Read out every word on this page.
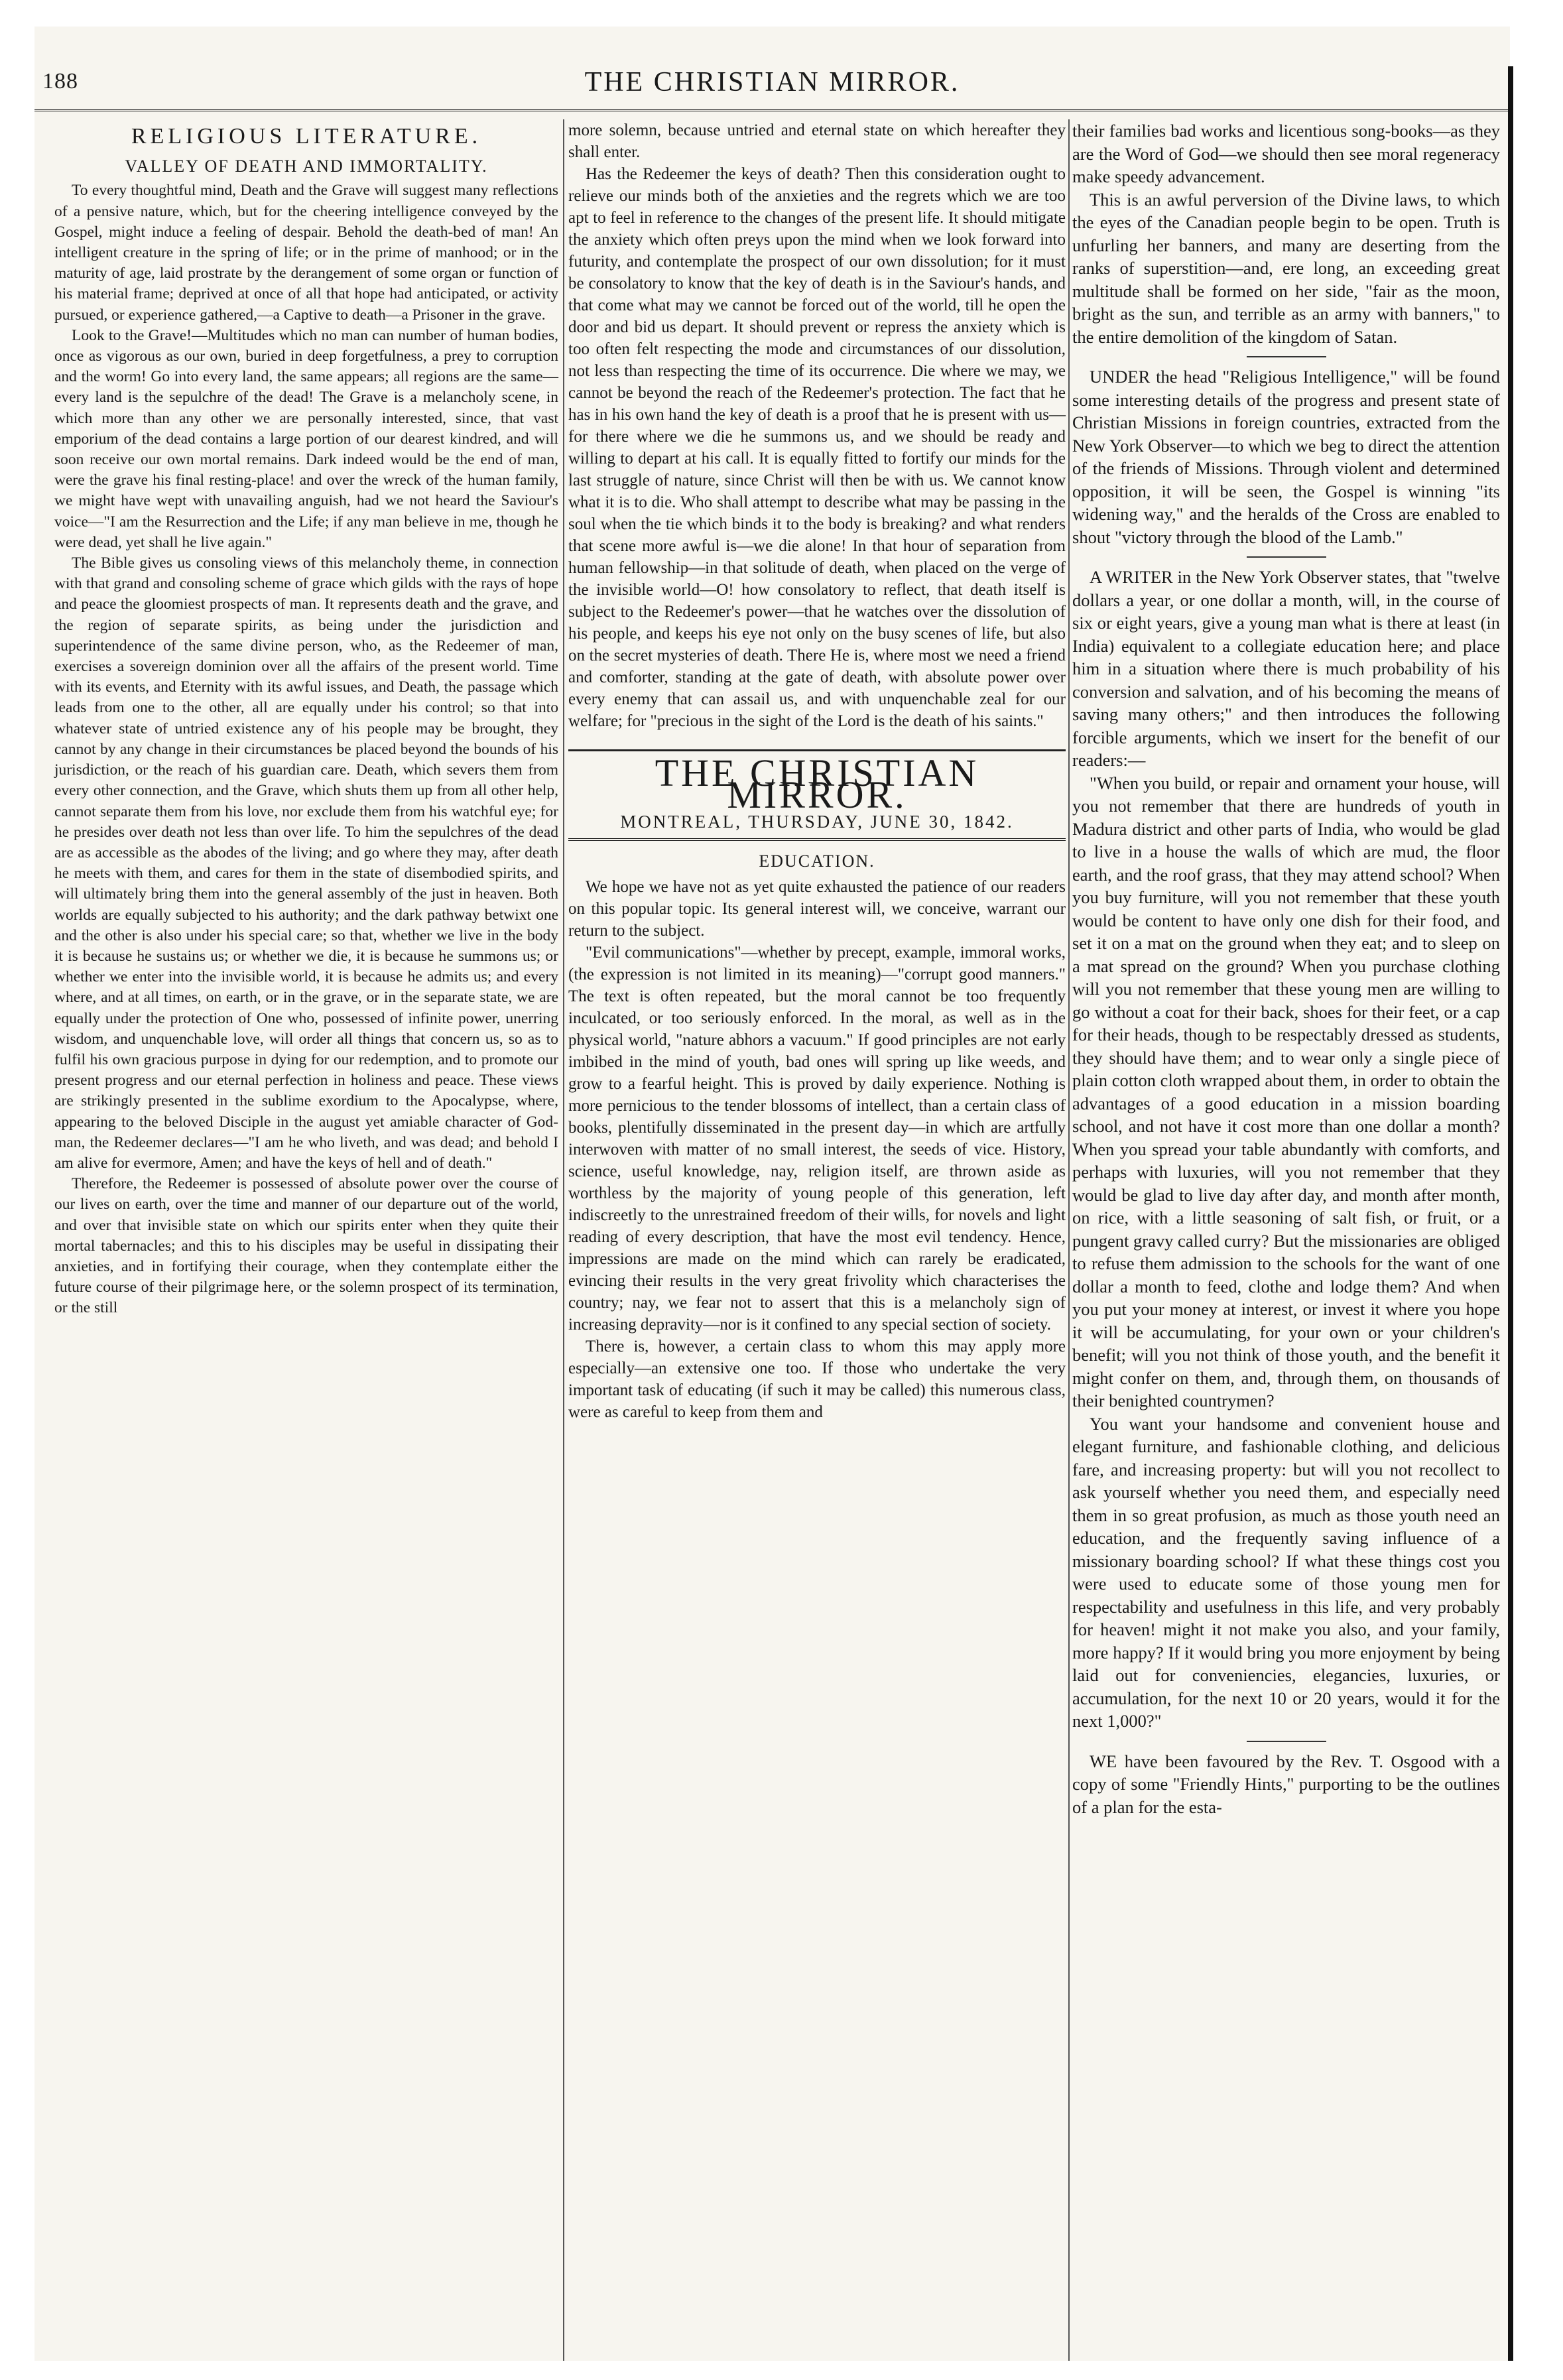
188	THE CHRISTIAN MIRROR.
RELIGIOUS LITERATURE.
VALLEY OF DEATH AND IMMORTALITY.

To every thoughtful mind, Death and the Grave will suggest many reflections of a pensive nature, which, but for the cheering intelligence conveyed by the Gospel, might induce a feeling of despair. Behold the death-bed of man! An intelligent creature in the spring of life; or in the prime of manhood; or in the maturity of age, laid prostrate by the derangement of some organ or function of his material frame; deprived at once of all that hope had anticipated, or activity pursued, or experience gathered,—a Captive to death—a Prisoner in the grave.

Look to the Grave!—Multitudes which no man can number of human bodies, once as vigorous as our own, buried in deep forgetfulness, a prey to corruption and the worm! Go into every land, the same appears; all regions are the same—every land is the sepulchre of the dead! The Grave is a melancholy scene, in which more than any other we are personally interested, since, that vast emporium of the dead contains a large portion of our dearest kindred, and will soon receive our own mortal remains. Dark indeed would be the end of man, were the grave his final resting-place! and over the wreck of the human family, we might have wept with unavailing anguish, had we not heard the Saviour's voice—"I am the Resurrection and the Life; if any man believe in me, though he were dead, yet shall he live again."

The Bible gives us consoling views of this melancholy theme, in connection with that grand and consoling scheme of grace which gilds with the rays of hope and peace the gloomiest prospects of man. It represents death and the grave, and the region of separate spirits, as being under the jurisdiction and superintendence of the same divine person, who, as the Redeemer of man, exercises a sovereign dominion over all the affairs of the present world. Time with its events, and Eternity with its awful issues, and Death, the passage which leads from one to the other, all are equally under his control; so that into whatever state of untried existence any of his people may be brought, they cannot by any change in their circumstances be placed beyond the bounds of his jurisdiction, or the reach of his guardian care. Death, which severs them from every other connection, and the Grave, which shuts them up from all other help, cannot separate them from his love, nor exclude them from his watchful eye; for he presides over death not less than over life. To him the sepulchres of the dead are as accessible as the abodes of the living; and go where they may, after death he meets with them, and cares for them in the state of disembodied spirits, and will ultimately bring them into the general assembly of the just in heaven. Both worlds are equally subjected to his authority; and the dark pathway betwixt one and the other is also under his special care; so that, whether we live in the body it is because he sustains us; or whether we die, it is because he summons us; or whether we enter into the invisible world, it is because he admits us; and every where, and at all times, on earth, or in the grave, or in the separate state, we are equally under the protection of One who, possessed of infinite power, unerring wisdom, and unquenchable love, will order all things that concern us, so as to fulfil his own gracious purpose in dying for our redemption, and to promote our present progress and our eternal perfection in holiness and peace. These views are strikingly presented in the sublime exordium to the Apocalypse, where, appearing to the beloved Disciple in the august yet amiable character of God-man, the Redeemer declares—"I am he who liveth, and was dead; and behold I am alive for evermore, Amen; and have the keys of hell and of death."

Therefore, the Redeemer is possessed of absolute power over the course of our lives on earth, over the time and manner of our departure out of the world, and over that invisible state on which our spirits enter when they quite their mortal tabernacles; and this to his disciples may be useful in dissipating their anxieties, and in fortifying their courage, when they contemplate either the future course of their pilgrimage here, or the solemn prospect of its termination, or the still

more solemn, because untried and eternal state on which hereafter they shall enter.

Has the Redeemer the keys of death? Then this consideration ought to relieve our minds both of the anxieties and the regrets which we are too apt to feel in reference to the changes of the present life. It should mitigate the anxiety which often preys upon the mind when we look forward into futurity, and contemplate the prospect of our own dissolution; for it must be consolatory to know that the key of death is in the Saviour's hands, and that come what may we cannot be forced out of the world, till he open the door and bid us depart. It should prevent or repress the anxiety which is too often felt respecting the mode and circumstances of our dissolution, not less than respecting the time of its occurrence. Die where we may, we cannot be beyond the reach of the Redeemer's protection. The fact that he has in his own hand the key of death is a proof that he is present with us—for there where we die he summons us, and we should be ready and willing to depart at his call. It is equally fitted to fortify our minds for the last struggle of nature, since Christ will then be with us. We cannot know what it is to die. Who shall attempt to describe what may be passing in the soul when the tie which binds it to the body is breaking? and what renders that scene more awful is—we die alone! In that hour of separation from human fellowship—in that solitude of death, when placed on the verge of the invisible world—O! how consolatory to reflect, that death itself is subject to the Redeemer's power—that he watches over the dissolution of his people, and keeps his eye not only on the busy scenes of life, but also on the secret mysteries of death. There He is, where most we need a friend and comforter, standing at the gate of death, with absolute power over every enemy that can assail us, and with unquenchable zeal for our welfare; for "precious in the sight of the Lord is the death of his saints."

THE CHRISTIAN MIRROR.
MONTREAL, THURSDAY, JUNE 30, 1842.
EDUCATION.

We hope we have not as yet quite exhausted the patience of our readers on this popular topic. Its general interest will, we conceive, warrant our return to the subject.

"Evil communications"—whether by precept, example, immoral works, (the expression is not limited in its meaning)—"corrupt good manners." The text is often repeated, but the moral cannot be too frequently inculcated, or too seriously enforced. In the moral, as well as in the physical world, "nature abhors a vacuum." If good principles are not early imbibed in the mind of youth, bad ones will spring up like weeds, and grow to a fearful height. This is proved by daily experience. Nothing is more pernicious to the tender blossoms of intellect, than a certain class of books, plentifully disseminated in the present day—in which are artfully interwoven with matter of no small interest, the seeds of vice. History, science, useful knowledge, nay, religion itself, are thrown aside as worthless by the majority of young people of this generation, left indiscreetly to the unrestrained freedom of their wills, for novels and light reading of every description, that have the most evil tendency. Hence, impressions are made on the mind which can rarely be eradicated, evincing their results in the very great frivolity which characterises the country; nay, we fear not to assert that this is a melancholy sign of increasing depravity—nor is it confined to any special section of society.

There is, however, a certain class to whom this may apply more especially—an extensive one too. If those who undertake the very important task of educating (if such it may be called) this numerous class, were as careful to keep from them and

their families bad works and licentious song-books—as they are the Word of God—we should then see moral regeneracy make speedy advancement.

This is an awful perversion of the Divine laws, to which the eyes of the Canadian people begin to be open. Truth is unfurling her banners, and many are deserting from the ranks of superstition—and, ere long, an exceeding great multitude shall be formed on her side, "fair as the moon, bright as the sun, and terrible as an army with banners," to the entire demolition of the kingdom of Satan.

UNDER the head "Religious Intelligence," will be found some interesting details of the progress and present state of Christian Missions in foreign countries, extracted from the New York Observer—to which we beg to direct the attention of the friends of Missions. Through violent and determined opposition, it will be seen, the Gospel is winning "its widening way," and the heralds of the Cross are enabled to shout "victory through the blood of the Lamb."

A WRITER in the New York Observer states, that "twelve dollars a year, or one dollar a month, will, in the course of six or eight years, give a young man what is there at least (in India) equivalent to a collegiate education here; and place him in a situation where there is much probability of his conversion and salvation, and of his becoming the means of saving many others;" and then introduces the following forcible arguments, which we insert for the benefit of our readers:—

"When you build, or repair and ornament your house, will you not remember that there are hundreds of youth in Madura district and other parts of India, who would be glad to live in a house the walls of which are mud, the floor earth, and the roof grass, that they may attend school? When you buy furniture, will you not remember that these youth would be content to have only one dish for their food, and set it on a mat on the ground when they eat; and to sleep on a mat spread on the ground? When you purchase clothing will you not remember that these young men are willing to go without a coat for their back, shoes for their feet, or a cap for their heads, though to be respectably dressed as students, they should have them; and to wear only a single piece of plain cotton cloth wrapped about them, in order to obtain the advantages of a good education in a mission boarding school, and not have it cost more than one dollar a month? When you spread your table abundantly with comforts, and perhaps with luxuries, will you not remember that they would be glad to live day after day, and month after month, on rice, with a little seasoning of salt fish, or fruit, or a pungent gravy called curry? But the missionaries are obliged to refuse them admission to the schools for the want of one dollar a month to feed, clothe and lodge them? And when you put your money at interest, or invest it where you hope it will be accumulating, for your own or your children's benefit; will you not think of those youth, and the benefit it might confer on them, and, through them, on thousands of their benighted countrymen?

You want your handsome and convenient house and elegant furniture, and fashionable clothing, and delicious fare, and increasing property: but will you not recollect to ask yourself whether you need them, and especially need them in so great profusion, as much as those youth need an education, and the frequently saving influence of a missionary boarding school? If what these things cost you were used to educate some of those young men for respectability and usefulness in this life, and very probably for heaven! might it not make you also, and your family, more happy? If it would bring you more enjoyment by being laid out for conveniencies, elegancies, luxuries, or accumulation, for the next 10 or 20 years, would it for the next 1,000?"

WE have been favoured by the Rev. T. Osgood with a copy of some "Friendly Hints," purporting to be the outlines of a plan for the esta-
